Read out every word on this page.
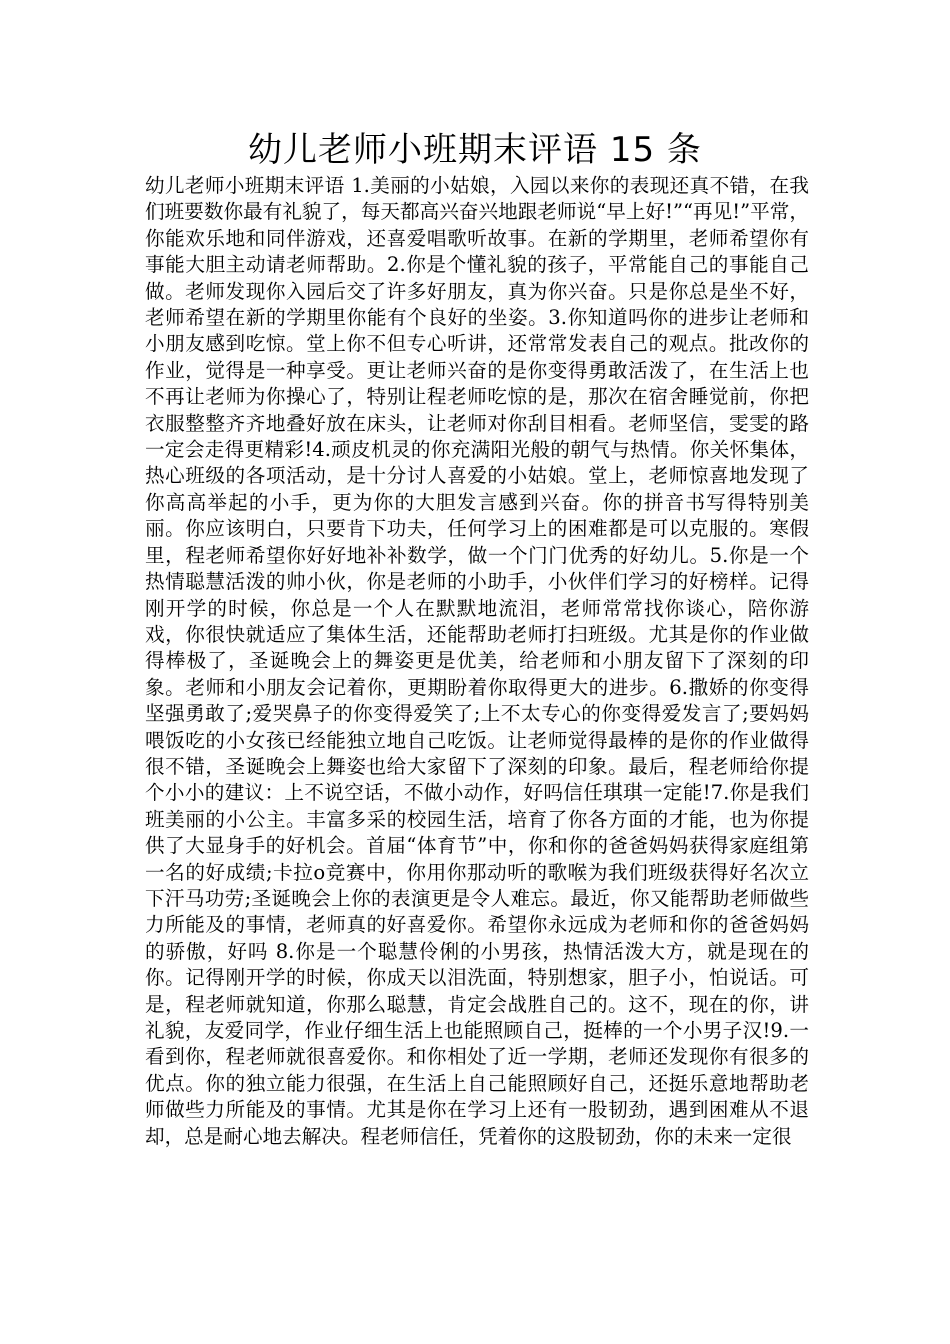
幼儿老师小班期末评语 15 条

幼儿老师小班期末评语 1.美丽的小姑娘，入园以来你的表现还真不错，在我们班要数你最有礼貌了，每天都高兴奋兴地跟老师说“早上好!”“再见!”平常，你能欢乐地和同伴游戏，还喜爱唱歌听故事。在新的学期里，老师希望你有事能大胆主动请老师帮助。2.你是个懂礼貌的孩子，平常能自己的事能自己做。老师发现你入园后交了许多好朋友，真为你兴奋。只是你总是坐不好，老师希望在新的学期里你能有个良好的坐姿。3.你知道吗你的进步让老师和小朋友感到吃惊。堂上你不但专心听讲，还常常发表自己的观点。批改你的作业，觉得是一种享受。更让老师兴奋的是你变得勇敢活泼了，在生活上也不再让老师为你操心了，特别让程老师吃惊的是，那次在宿舍睡觉前，你把衣服整整齐齐地叠好放在床头，让老师对你刮目相看。老师坚信，雯雯的路一定会走得更精彩!4.顽皮机灵的你充满阳光般的朝气与热情。你关怀集体，热心班级的各项活动，是十分讨人喜爱的小姑娘。堂上，老师惊喜地发现了你高高举起的小手，更为你的大胆发言感到兴奋。你的拼音书写得特别美丽。你应该明白，只要肯下功夫，任何学习上的困难都是可以克服的。寒假里，程老师希望你好好地补补数学，做一个门门优秀的好幼儿。5.你是一个热情聪慧活泼的帅小伙，你是老师的小助手，小伙伴们学习的好榜样。记得刚开学的时候，你总是一个人在默默地流泪，老师常常找你谈心，陪你游戏，你很快就适应了集体生活，还能帮助老师打扫班级。尤其是你的作业做得棒极了，圣诞晚会上的舞姿更是优美，给老师和小朋友留下了深刻的印象。老师和小朋友会记着你，更期盼着你取得更大的进步。6.撒娇的你变得坚强勇敢了;爱哭鼻子的你变得爱笑了;上不太专心的你变得爱发言了;要妈妈喂饭吃的小女孩已经能独立地自己吃饭。让老师觉得最棒的是你的作业做得很不错，圣诞晚会上舞姿也给大家留下了深刻的印象。最后，程老师给你提个小小的建议：上不说空话，不做小动作，好吗信任琪琪一定能!7.你是我们班美丽的小公主。丰富多采的校园生活，培育了你各方面的才能，也为你提供了大显身手的好机会。首届“体育节”中，你和你的爸爸妈妈获得家庭组第一名的好成绩;卡拉o竞赛中，你用你那动听的歌喉为我们班级获得好名次立下汗马功劳;圣诞晚会上你的表演更是令人难忘。最近，你又能帮助老师做些力所能及的事情，老师真的好喜爱你。希望你永远成为老师和你的爸爸妈妈的骄傲，好吗 8.你是一个聪慧伶俐的小男孩，热情活泼大方，就是现在的你。记得刚开学的时候，你成天以泪洗面，特别想家，胆子小，怕说话。可是，程老师就知道，你那么聪慧，肯定会战胜自己的。这不，现在的你，讲礼貌，友爱同学，作业仔细生活上也能照顾自己，挺棒的一个小男子汉!9.一看到你，程老师就很喜爱你。和你相处了近一学期，老师还发现你有很多的优点。你的独立能力很强，在生活上自己能照顾好自己，还挺乐意地帮助老师做些力所能及的事情。尤其是你在学习上还有一股韧劲，遇到困难从不退却，总是耐心地去解决。程老师信任，凭着你的这股韧劲，你的未来一定很
